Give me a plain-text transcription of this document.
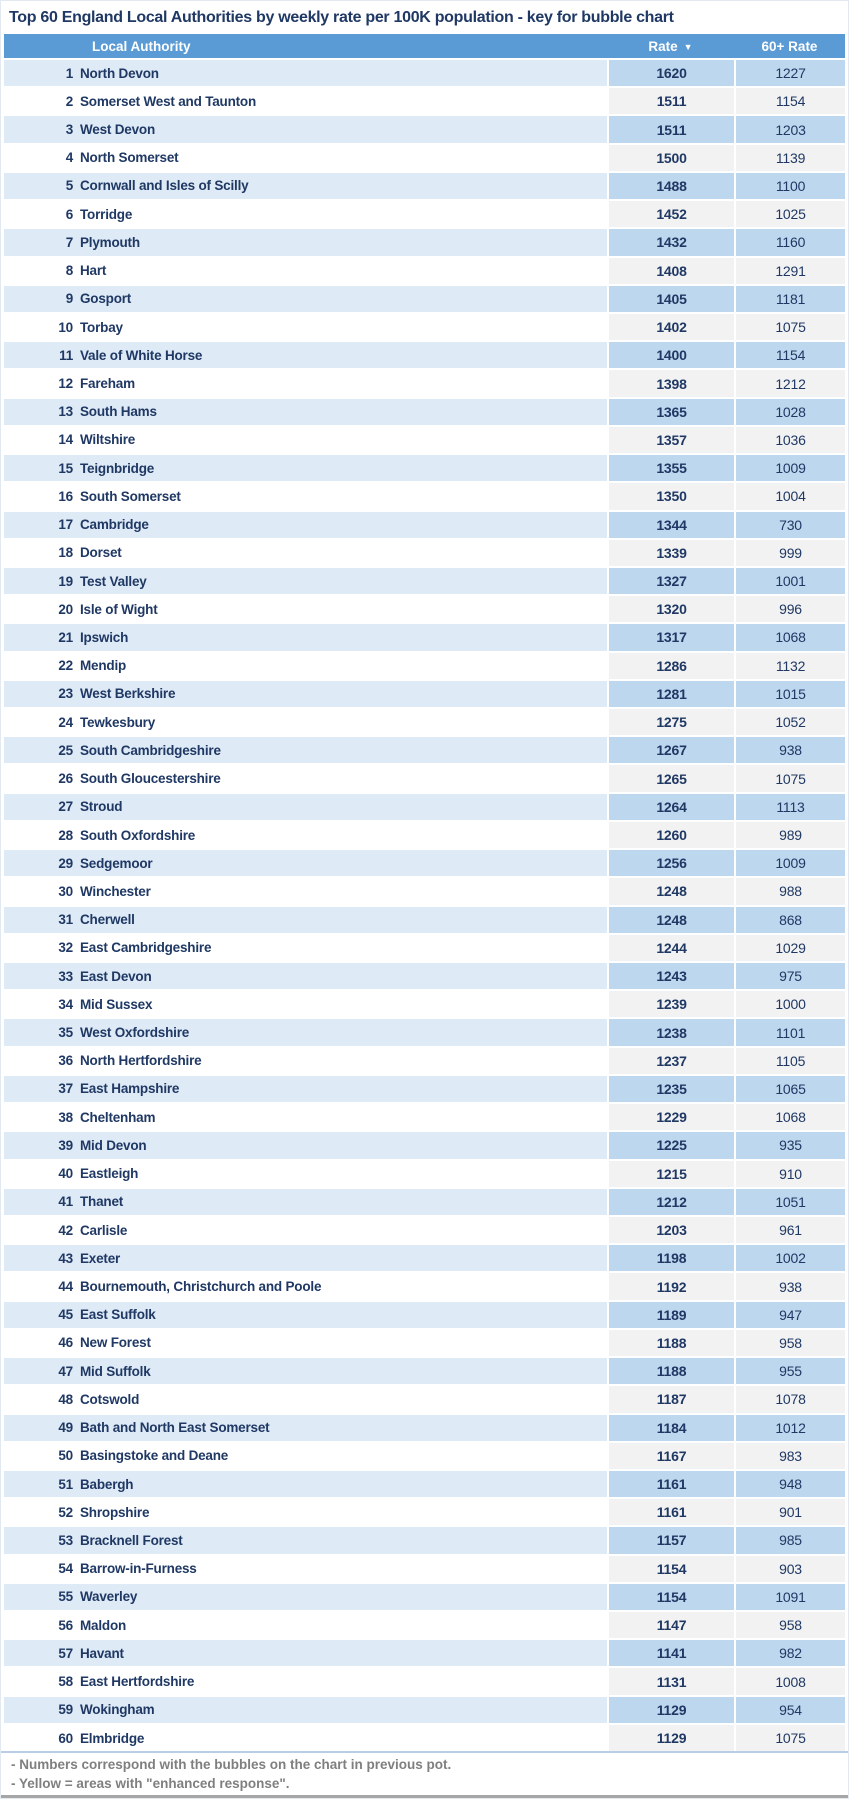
Top 60 England Local Authorities by weekly rate per 100K population - key for bubble chart
Local Authority	Rate ▼	60+ Rate
1 North Devon	1620	1227
2 Somerset West and Taunton	1511	1154
3 West Devon	1511	1203
4 North Somerset	1500	1139
5 Cornwall and Isles of Scilly	1488	1100
6 Torridge	1452	1025
7 Plymouth	1432	1160
8 Hart	1408	1291
9 Gosport	1405	1181
10 Torbay	1402	1075
11 Vale of White Horse	1400	1154
12 Fareham	1398	1212
13 South Hams	1365	1028
14 Wiltshire	1357	1036
15 Teignbridge	1355	1009
16 South Somerset	1350	1004
17 Cambridge	1344	730
18 Dorset	1339	999
19 Test Valley	1327	1001
20 Isle of Wight	1320	996
21 Ipswich	1317	1068
22 Mendip	1286	1132
23 West Berkshire	1281	1015
24 Tewkesbury	1275	1052
25 South Cambridgeshire	1267	938
26 South Gloucestershire	1265	1075
27 Stroud	1264	1113
28 South Oxfordshire	1260	989
29 Sedgemoor	1256	1009
30 Winchester	1248	988
31 Cherwell	1248	868
32 East Cambridgeshire	1244	1029
33 East Devon	1243	975
34 Mid Sussex	1239	1000
35 West Oxfordshire	1238	1101
36 North Hertfordshire	1237	1105
37 East Hampshire	1235	1065
38 Cheltenham	1229	1068
39 Mid Devon	1225	935
40 Eastleigh	1215	910
41 Thanet	1212	1051
42 Carlisle	1203	961
43 Exeter	1198	1002
44 Bournemouth, Christchurch and Poole	1192	938
45 East Suffolk	1189	947
46 New Forest	1188	958
47 Mid Suffolk	1188	955
48 Cotswold	1187	1078
49 Bath and North East Somerset	1184	1012
50 Basingstoke and Deane	1167	983
51 Babergh	1161	948
52 Shropshire	1161	901
53 Bracknell Forest	1157	985
54 Barrow-in-Furness	1154	903
55 Waverley	1154	1091
56 Maldon	1147	958
57 Havant	1141	982
58 East Hertfordshire	1131	1008
59 Wokingham	1129	954
60 Elmbridge	1129	1075
- Numbers correspond with the bubbles on the chart in previous pot.
- Yellow = areas with "enhanced response".
